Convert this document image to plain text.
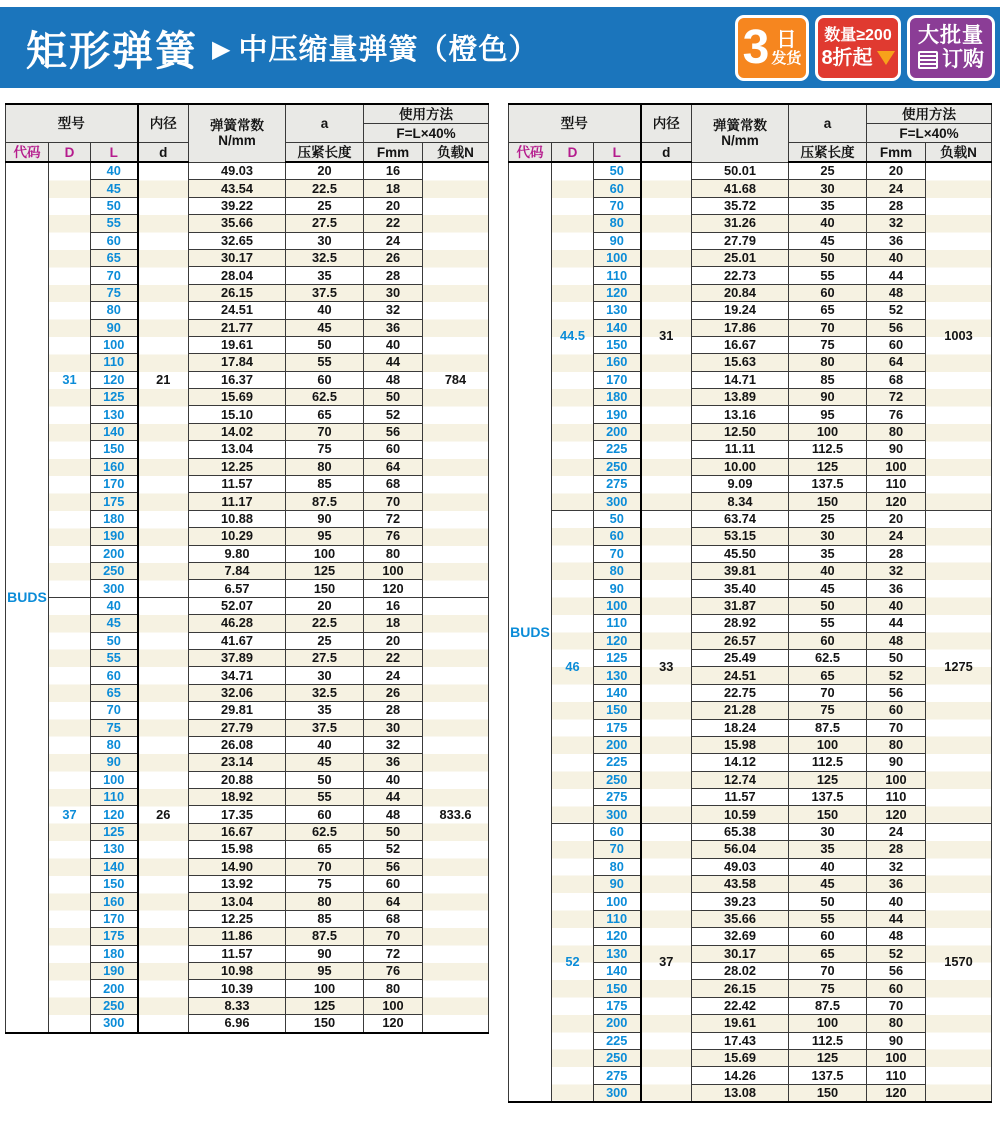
矩形弹簧 ▶ 中压缩量弹簧（橙色）	3 日
发货
数量≥200
8折起
大批量
订购
型号			内径	弹簧常数
N/mm	a	使用方法	
						F=L×40%	
代码	D	L	d		压紧长度	Fmm	负载N
BUDS	31	40	21	49.03	20	16	784
		45		43.54	22.5	18	
		50		39.22	25	20	
		55		35.66	27.5	22	
		60		32.65	30	24	
		65		30.17	32.5	26	
		70		28.04	35	28	
		75		26.15	37.5	30	
		80		24.51	40	32	
		90		21.77	45	36	
		100		19.61	50	40	
		110		17.84	55	44	
		120		16.37	60	48	
		125		15.69	62.5	50	
		130		15.10	65	52	
		140		14.02	70	56	
		150		13.04	75	60	
		160		12.25	80	64	
		170		11.57	85	68	
		175		11.17	87.5	70	
		180		10.88	90	72	
		190		10.29	95	76	
		200		9.80	100	80	
		250		7.84	125	100	
		300		6.57	150	120	
	37	40	26	52.07	20	16	833.6
		45		46.28	22.5	18	
		50		41.67	25	20	
		55		37.89	27.5	22	
		60		34.71	30	24	
		65		32.06	32.5	26	
		70		29.81	35	28	
		75		27.79	37.5	30	
		80		26.08	40	32	
		90		23.14	45	36	
		100		20.88	50	40	
		110		18.92	55	44	
		120		17.35	60	48	
		125		16.67	62.5	50	
		130		15.98	65	52	
		140		14.90	70	56	
		150		13.92	75	60	
		160		13.04	80	64	
		170		12.25	85	68	
		175		11.86	87.5	70	
		180		11.57	90	72	
		190		10.98	95	76	
		200		10.39	100	80	
		250		8.33	125	100	
		300		6.96	150	120	
型号			内径	弹簧常数
N/mm	a	使用方法	
						F=L×40%	
代码	D	L	d		压紧长度	Fmm	负载N
BUDS	44.5	50	31	50.01	25	20	1003
		60		41.68	30	24	
		70		35.72	35	28	
		80		31.26	40	32	
		90		27.79	45	36	
		100		25.01	50	40	
		110		22.73	55	44	
		120		20.84	60	48	
		130		19.24	65	52	
		140		17.86	70	56	
		150		16.67	75	60	
		160		15.63	80	64	
		170		14.71	85	68	
		180		13.89	90	72	
		190		13.16	95	76	
		200		12.50	100	80	
		225		11.11	112.5	90	
		250		10.00	125	100	
		275		9.09	137.5	110	
		300		8.34	150	120	
	46	50	33	63.74	25	20	1275
		60		53.15	30	24	
		70		45.50	35	28	
		80		39.81	40	32	
		90		35.40	45	36	
		100		31.87	50	40	
		110		28.92	55	44	
		120		26.57	60	48	
		125		25.49	62.5	50	
		130		24.51	65	52	
		140		22.75	70	56	
		150		21.28	75	60	
		175		18.24	87.5	70	
		200		15.98	100	80	
		225		14.12	112.5	90	
		250		12.74	125	100	
		275		11.57	137.5	110	
		300		10.59	150	120	
	52	60	37	65.38	30	24	1570
		70		56.04	35	28	
		80		49.03	40	32	
		90		43.58	45	36	
		100		39.23	50	40	
		110		35.66	55	44	
		120		32.69	60	48	
		130		30.17	65	52	
		140		28.02	70	56	
		150		26.15	75	60	
		175		22.42	87.5	70	
		200		19.61	100	80	
		225		17.43	112.5	90	
		250		15.69	125	100	
		275		14.26	137.5	110	
		300		13.08	150	120	
